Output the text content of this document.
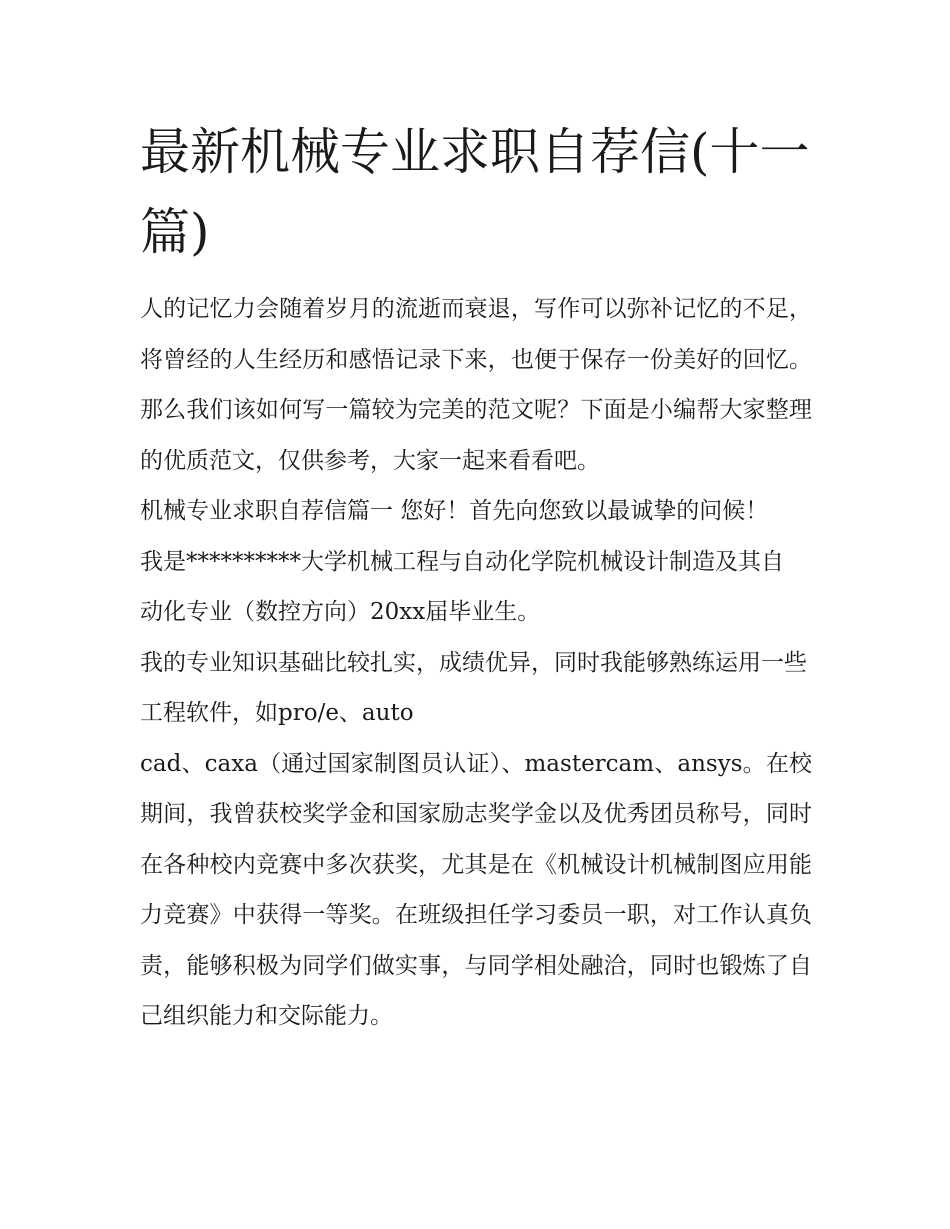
最新机械专业求职自荐信(十一篇)

人的记忆力会随着岁月的流逝而衰退，写作可以弥补记忆的不足，将曾经的人生经历和感悟记录下来，也便于保存一份美好的回忆。那么我们该如何写一篇较为完美的范文呢？下面是小编帮大家整理的优质范文，仅供参考，大家一起来看看吧。

机械专业求职自荐信篇一 您好！首先向您致以最诚挚的问候！

我是**********大学机械工程与自动化学院机械设计制造及其自动化专业（数控方向）20xx届毕业生。

我的专业知识基础比较扎实，成绩优异，同时我能够熟练运用一些工程软件，如pro/e、auto

cad、caxa（通过国家制图员认证）、mastercam、ansys。在校期间，我曾获校奖学金和国家励志奖学金以及优秀团员称号，同时在各种校内竞赛中多次获奖，尤其是在《机械设计机械制图应用能力竞赛》中获得一等奖。在班级担任学习委员一职，对工作认真负责，能够积极为同学们做实事，与同学相处融洽，同时也锻炼了自己组织能力和交际能力。
